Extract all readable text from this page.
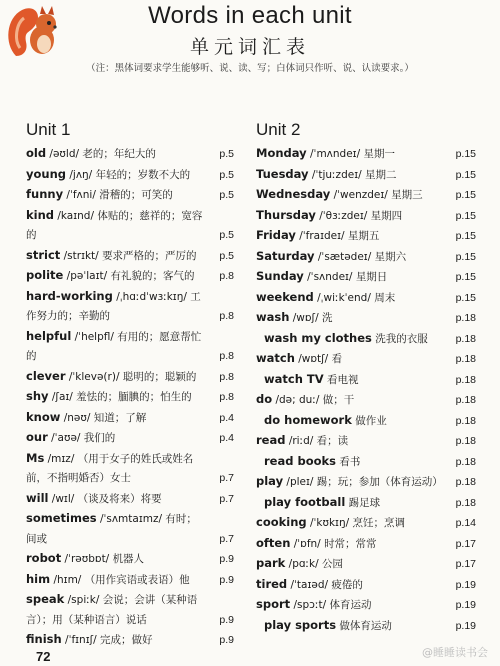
Words in each unit
单元词汇表
（注：黑体词要求学生能够听、说、读、写；白体词只作听、说、认读要求。）
Unit 1
old /əʊld/ 老的；年纪大的	p.5
young /jʌŋ/ 年轻的；岁数不大的	p.5
funny /ˈfʌni/ 滑稽的；可笑的	p.5
kind /kaɪnd/ 体贴的；慈祥的；宽容的	p.5
strict /strɪkt/ 要求严格的；严厉的	p.5
polite /pəˈlaɪt/ 有礼貌的；客气的	p.8
hard-working /ˌhɑːdˈwɜːkɪŋ/ 工作努力的；辛勤的	p.8
helpful /ˈhelpfl/ 有用的；愿意帮忙的	p.8
clever /ˈklevə(r)/ 聪明的；聪颖的	p.8
shy /ʃaɪ/ 羞怯的；腼腆的；怕生的	p.8
know /nəʊ/ 知道；了解	p.4
our /ˈaʊə/ 我们的	p.4
Ms /mɪz/ （用于女子的姓氏或姓名前，不指明婚否）女士	p.7
will /wɪl/ （谈及将来）将要	p.7
sometimes /ˈsʌmtaɪmz/ 有时；间或	p.7
robot /ˈrəʊbɒt/ 机器人	p.9
him /hɪm/ （用作宾语或表语）他	p.9
speak /spiːk/ 会说；会讲（某种语言）；用（某种语言）说话	p.9
finish /ˈfɪnɪʃ/ 完成；做好	p.9
Unit 2
Monday /ˈmʌndeɪ/ 星期一	p.15
Tuesday /ˈtjuːzdeɪ/ 星期二	p.15
Wednesday /ˈwenzdeɪ/ 星期三	p.15
Thursday /ˈθɜːzdeɪ/ 星期四	p.15
Friday /ˈfraɪdeɪ/ 星期五	p.15
Saturday /ˈsætədeɪ/ 星期六	p.15
Sunday /ˈsʌndeɪ/ 星期日	p.15
weekend /ˌwiːkˈend/ 周末	p.15
wash /wɒʃ/ 洗	p.18
wash my clothes 洗我的衣服	p.18
watch /wɒtʃ/ 看	p.18
watch TV 看电视	p.18
do /də; duː/ 做；干	p.18
do homework 做作业	p.18
read /riːd/ 看；读	p.18
read books 看书	p.18
play /pleɪ/ 踢；玩；参加（体育运动）	p.18
play football 踢足球	p.18
cooking /ˈkʊkɪŋ/ 烹饪；烹调	p.14
often /ˈɒfn/ 时常；常常	p.17
park /pɑːk/ 公园	p.17
tired /ˈtaɪəd/ 疲倦的	p.19
sport /spɔːt/ 体育运动	p.19
play sports 做体育运动	p.19
72	@睡睡读书会
